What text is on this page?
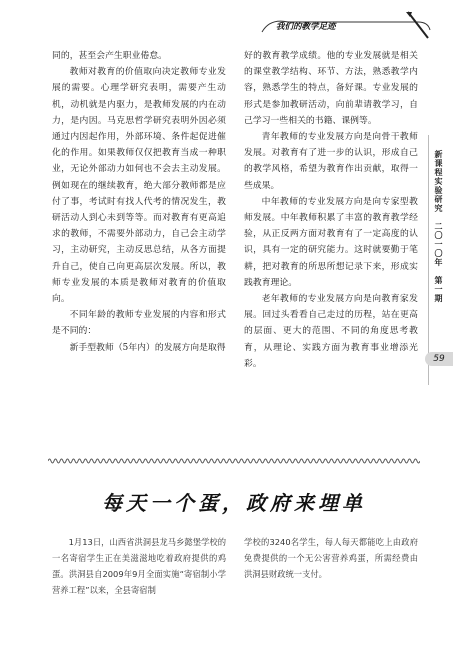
我们的教学足迹

同的，甚至会产生职业倦怠。

教师对教育的价值取向决定教师专业发展的需要。心理学研究表明，需要产生动机，动机就是内驱力，是教师发展的内在动力，是内因。马克思哲学研究表明外因必须通过内因起作用，外部环境、条件起促进催化的作用。如果教师仅仅把教育当成一种职业，无论外部动力如何也不会去主动发展。例如现在的继续教育，绝大部分教师都是应付了事，考试时有找人代考的情况发生，教研活动人到心未到等等。而对教育有更高追求的教师，不需要外部动力，自己会主动学习，主动研究，主动反思总结，从各方面提升自己，使自己向更高层次发展。所以，教师专业发展的本质是教师对教育的价值取向。

不同年龄的教师专业发展的内容和形式是不同的：

新手型教师（5年内）的发展方向是取得

好的教育教学成绩。他的专业发展就是相关的课堂教学结构、环节、方法，熟悉教学内容，熟悉学生的特点，备好课。专业发展的形式是参加教研活动，向前辈请教学习，自己学习一些相关的书籍、课例等。

青年教师的专业发展方向是向骨干教师发展。对教育有了进一步的认识，形成自己的教学风格，希望为教育作出贡献，取得一些成果。

中年教师的专业发展方向是向专家型教师发展。中年教师积累了丰富的教育教学经验，从正反两方面对教育有了一定高度的认识，具有一定的研究能力。这时就要勤于笔耕，把对教育的所思所想记录下来，形成实践教育理论。

老年教师的专业发展方向是向教育家发展。回过头看看自己走过的历程，站在更高的层面、更大的范围、不同的角度思考教育，从理论、实践方面为教育事业增添光彩。

新课程实验研究　二〇一〇年　第一期
59
每天一个蛋，政府来埋单

1月13日，山西省洪洞县龙马乡懿堡学校的一名寄宿学生正在美滋滋地吃着政府提供的鸡蛋。洪洞县自2009年9月全面实施“寄宿制小学营养工程”以来，全县寄宿制

学校的3240名学生，每人每天都能吃上由政府免费提供的一个无公害营养鸡蛋，所需经费由洪洞县财政统一支付。
